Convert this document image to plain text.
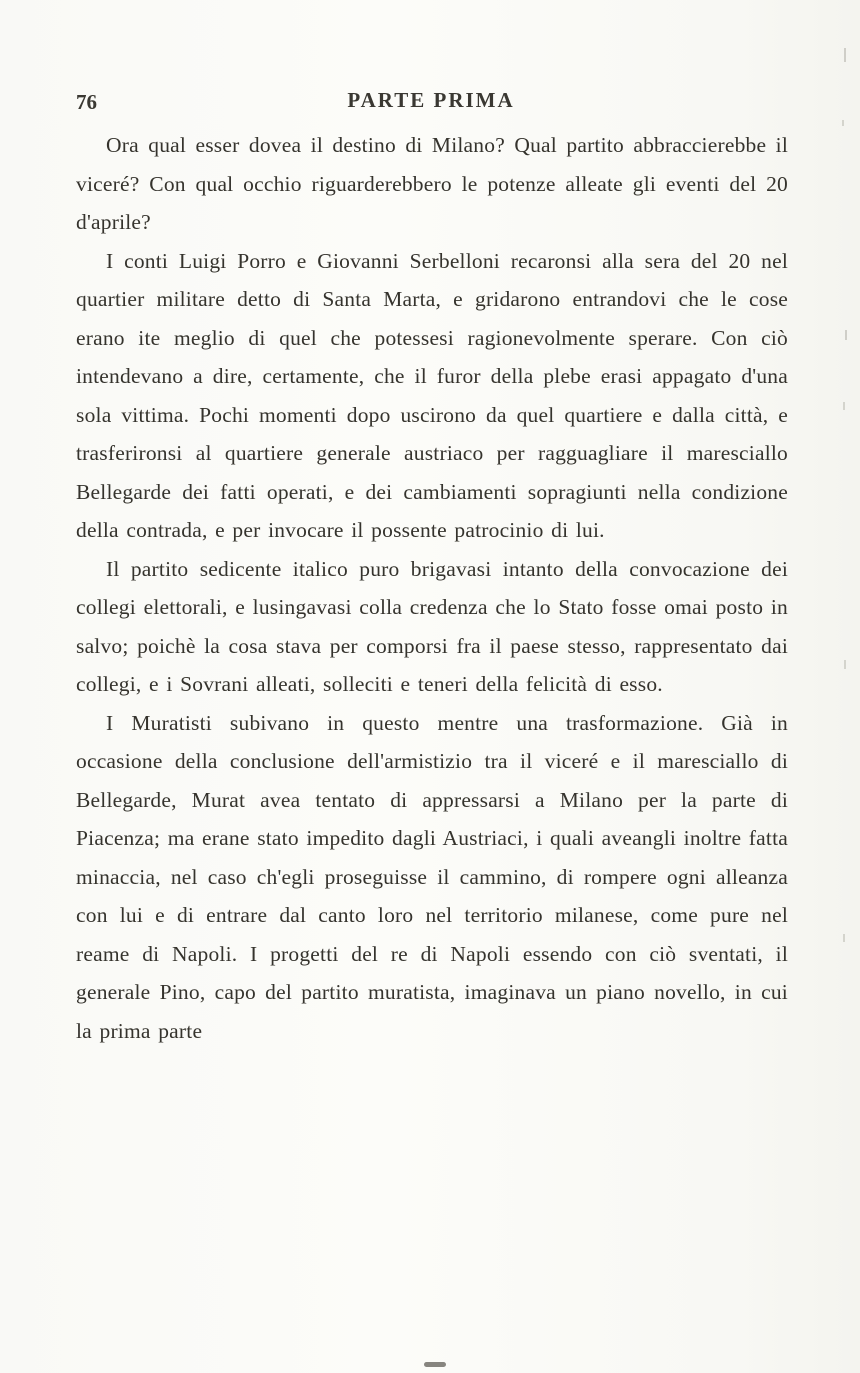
76	PARTE PRIMA

Ora qual esser dovea il destino di Milano? Qual partito abbraccierebbe il viceré? Con qual occhio riguarderebbero le potenze alleate gli eventi del 20 d'aprile?

I conti Luigi Porro e Giovanni Serbelloni recaronsi alla sera del 20 nel quartier militare detto di Santa Marta, e gridarono entrandovi che le cose erano ite meglio di quel che potessesi ragionevolmente sperare. Con ciò intendevano a dire, certamente, che il furor della plebe erasi appagato d'una sola vittima. Pochi momenti dopo uscirono da quel quartiere e dalla città, e trasferironsi al quartiere generale austriaco per ragguagliare il maresciallo Bellegarde dei fatti operati, e dei cambiamenti sopragiunti nella condizione della contrada, e per invocare il possente patrocinio di lui.

Il partito sedicente italico puro brigavasi intanto della convocazione dei collegi elettorali, e lusingavasi colla credenza che lo Stato fosse omai posto in salvo; poichè la cosa stava per comporsi fra il paese stesso, rappresentato dai collegi, e i Sovrani alleati, solleciti e teneri della felicità di esso.

I Muratisti subivano in questo mentre una trasformazione. Già in occasione della conclusione dell'armistizio tra il viceré e il maresciallo di Bellegarde, Murat avea tentato di appressarsi a Milano per la parte di Piacenza; ma erane stato impedito dagli Austriaci, i quali aveangli inoltre fatta minaccia, nel caso ch'egli proseguisse il cammino, di rompere ogni alleanza con lui e di entrare dal canto loro nel territorio milanese, come pure nel reame di Napoli. I progetti del re di Napoli essendo con ciò sventati, il generale Pino, capo del partito muratista, imaginava un piano novello, in cui la prima parte
